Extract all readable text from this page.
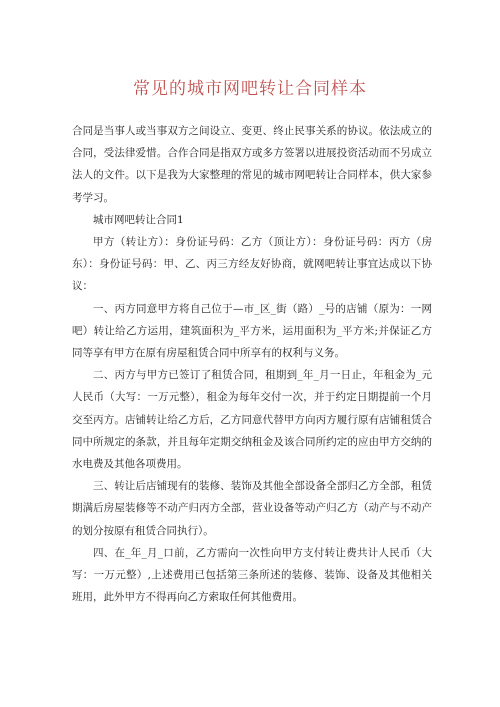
常见的城市网吧转让合同样本

合同是当事人或当事双方之间设立、变更、终止民事关系的协议。依法成立的合同，受法律爱惜。合作合同是指双方或多方签署以进展投资活动而不另成立法人的文件。以下是我为大家整理的常见的城市网吧转让合同样本，供大家参考学习。

城市网吧转让合同1

甲方（转让方）：身份证号码：乙方（顶让方）：身份证号码：丙方（房东）：身份证号码：甲、乙、丙三方经友好协商，就网吧转让事宜达成以下协议：

一、丙方同意甲方将自己位于—市_区_街（路）_号的店铺（原为：一网吧）转让给乙方运用，建筑面积为_平方米，运用面积为_平方米;并保证乙方同等享有甲方在原有房屋租赁合同中所享有的权利与义务。

二、丙方与甲方已签订了租赁合同，租期到_年_月一日止，年租金为_元人民币（大写：一万元整），租金为每年交付一次，并于约定日期提前一个月交至丙方。店铺转让给乙方后，乙方同意代替甲方向丙方履行原有店铺租赁合同中所规定的条款，并且每年定期交纳租金及该合同所约定的应由甲方交纳的水电费及其他各项费用。

三、转让后店铺现有的装修、装饰及其他全部设备全部归乙方全部，租赁期满后房屋装修等不动产归丙方全部，营业设备等动产归乙方（动产与不动产的划分按原有租赁合同执行）。

四、在_年_月_口前，乙方需向一次性向甲方支付转让费共计人民币（大写：一万元整）,上述费用已包括第三条所述的装修、装饰、设备及其他相关班用，此外甲方不得再向乙方索取任何其他费用。
